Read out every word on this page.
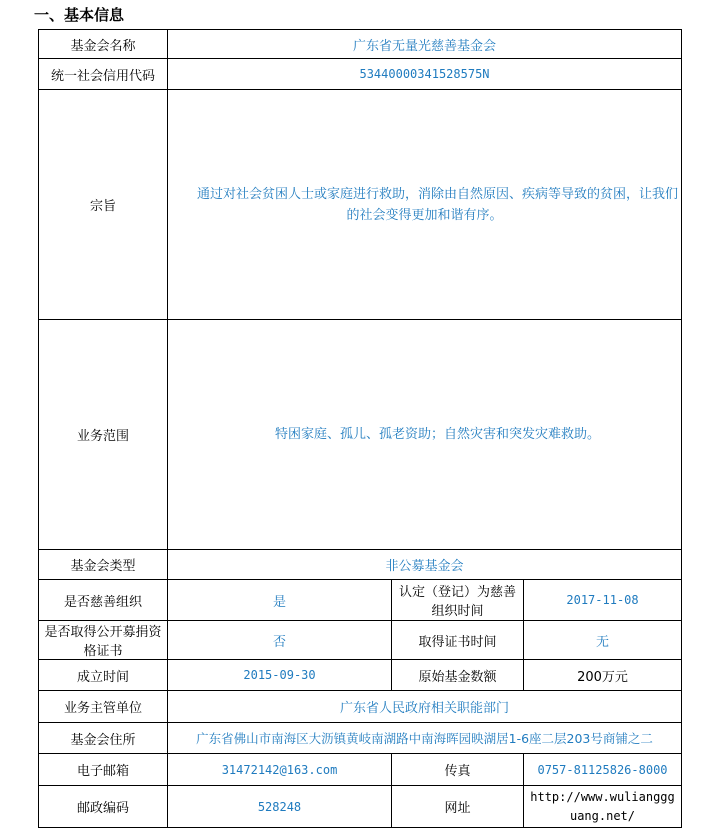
一、基本信息
基金会名称	广东省无量光慈善基金会		
统一社会信用代码	53440000341528575N		
宗旨	通过对社会贫困人士或家庭进行救助，消除由自然原因、疾病等导致的贫困，让我们的社会变得更加和谐有序。		

业务范围	特困家庭、孤儿、孤老资助；自然灾害和突发灾难救助。		

基金会类型	非公募基金会		
是否慈善组织	是	认定（登记）为慈善组织时间	2017-11-08
是否取得公开募捐资格证书	否	取得证书时间	无
成立时间	2015-09-30	原始基金数额	200万元
业务主管单位	广东省人民政府相关职能部门		
基金会住所	广东省佛山市南海区大沥镇黄岐南湖路中南海晖园映湖居1-6座二层203号商铺之二		
电子邮箱	31472142@163.com	传真	0757-81125826-8000
邮政编码	528248	网址	http://www.wulianggguang.net/
